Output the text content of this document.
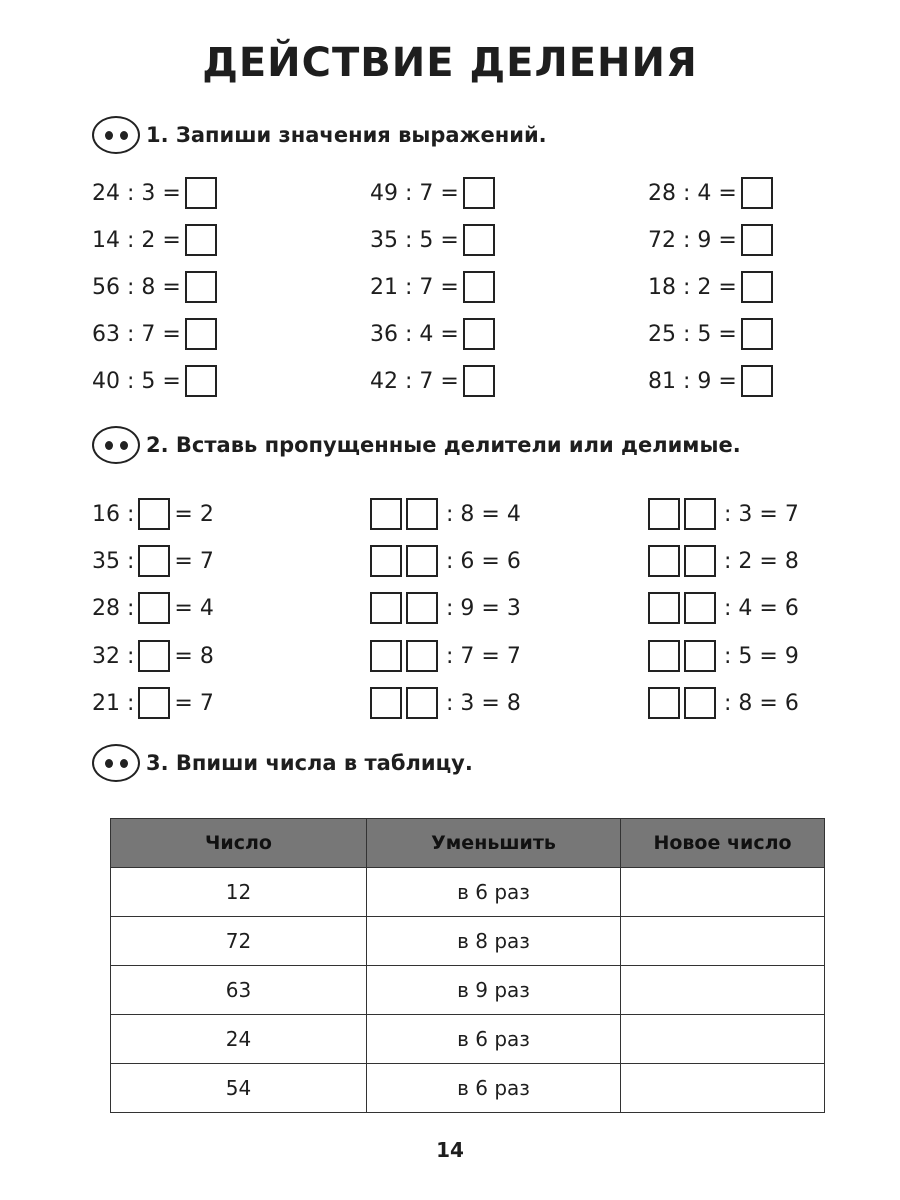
ДЕЙСТВИЕ ДЕЛЕНИЯ
1. Запиши значения выражений.
24 : 3 =
14 : 2 =
56 : 8 =
63 : 7 =
40 : 5 =
49 : 7 =
35 : 5 =
21 : 7 =
36 : 4 =
42 : 7 =
28 : 4 =
72 : 9 =
18 : 2 =
25 : 5 =
81 : 9 =
2. Вставь пропущенные делители или делимые.
16 : = 2
35 : = 7
28 : = 4
32 : = 8
21 : = 7
: 8 = 4
: 6 = 6
: 9 = 3
: 7 = 7
: 3 = 8
: 3 = 7
: 2 = 8
: 4 = 6
: 5 = 9
: 8 = 6
3. Впиши числа в таблицу.
Число	Уменьшить	Новое число
12	в 6 раз	
72	в 8 раз	
63	в 9 раз	
24	в 6 раз	
54	в 6 раз	
14
